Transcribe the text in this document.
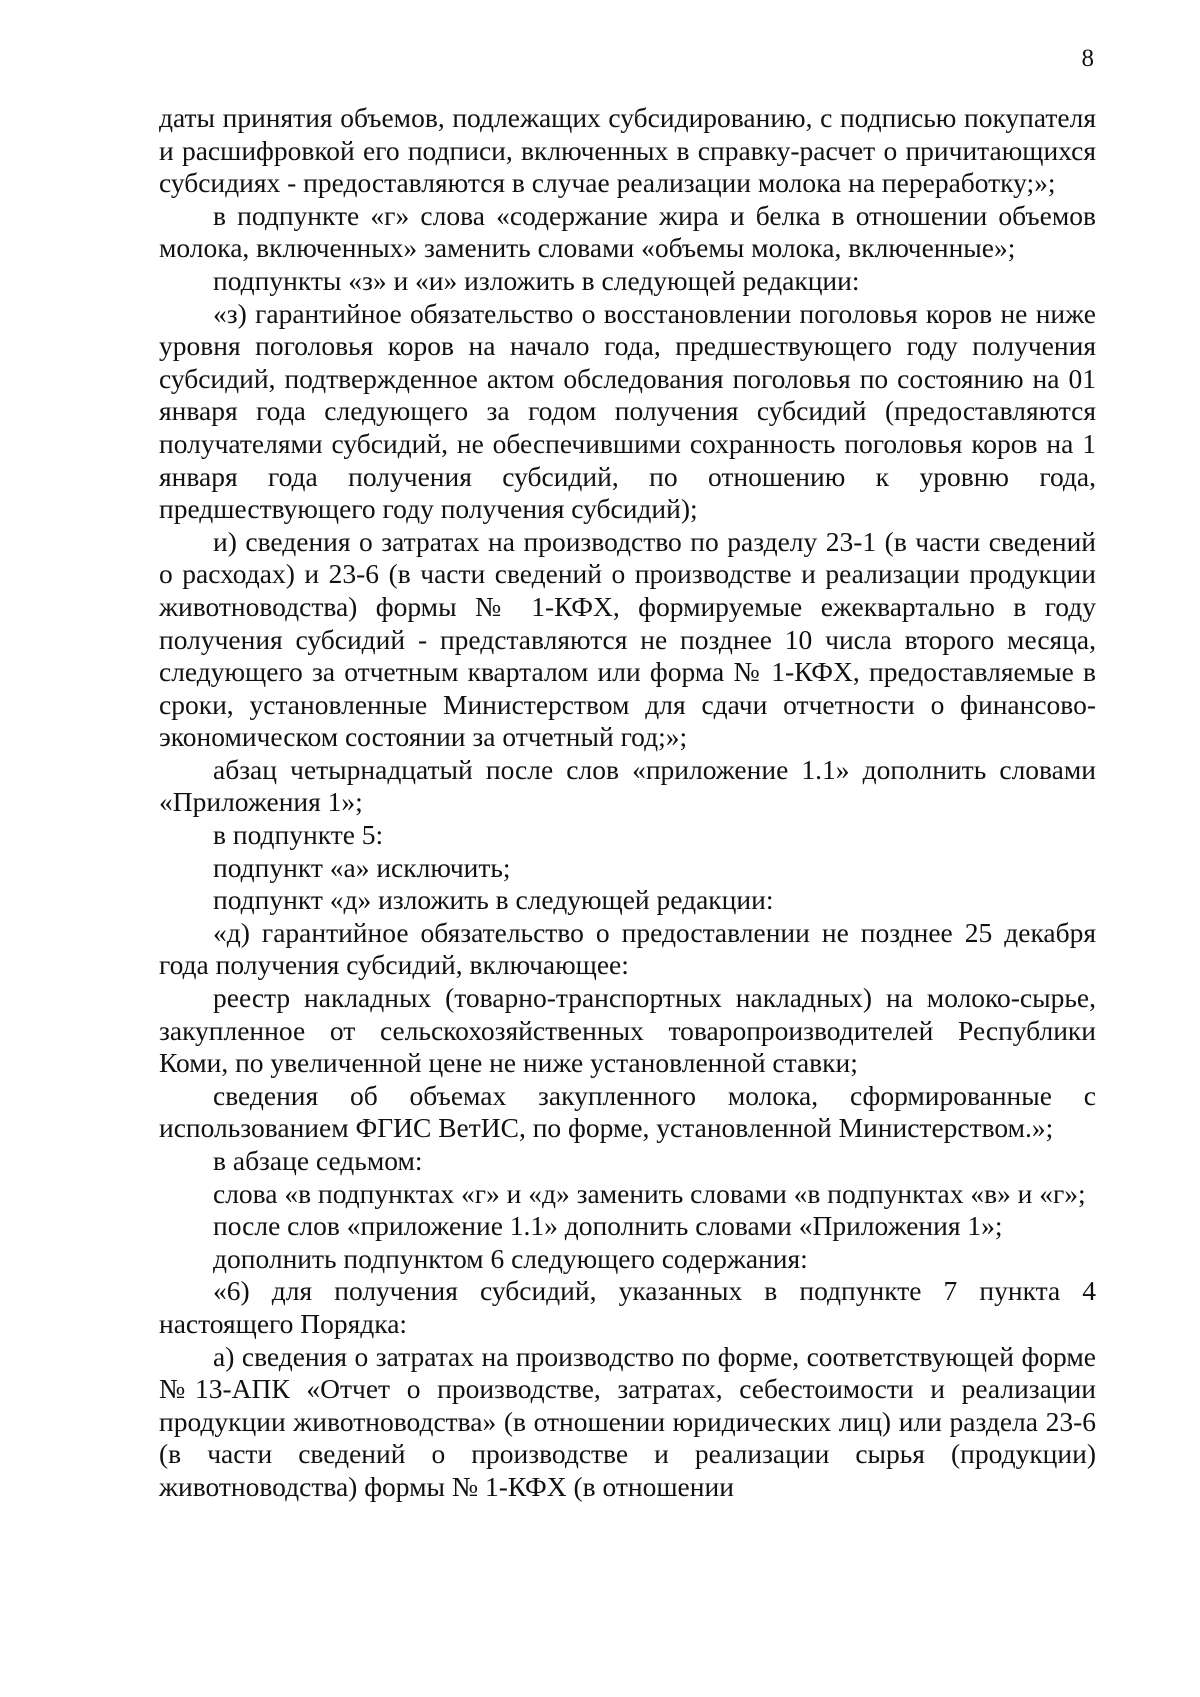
8

даты принятия объемов, подлежащих субсидированию, с подписью покупателя и расшифровкой его подписи, включенных в справку-расчет о причитающихся субсидиях - предоставляются в случае реализации молока на переработку;»;

в подпункте «г» слова «содержание жира и белка в отношении объемов молока, включенных» заменить словами «объемы молока, включенные»;

подпункты «з» и «и» изложить в следующей редакции:

«з) гарантийное обязательство о восстановлении поголовья коров не ниже уровня поголовья коров на начало года, предшествующего году получения субсидий, подтвержденное актом обследования поголовья по состоянию на 01 января года следующего за годом получения субсидий (предоставляются получателями субсидий, не обеспечившими сохранность поголовья коров на 1 января года получения субсидий, по отношению к уровню года, предшествующего году получения субсидий);

и) сведения о затратах на производство по разделу 23-1 (в части сведений о расходах) и 23-6 (в части сведений о производстве и реализации продукции животноводства) формы № 1-КФХ, формируемые ежеквартально в году получения субсидий - представляются не позднее 10 числа второго месяца, следующего за отчетным кварталом или форма № 1-КФХ, предоставляемые в сроки, установленные Министерством для сдачи отчетности о финансово-экономическом состоянии за отчетный год;»;

абзац четырнадцатый после слов «приложение 1.1» дополнить словами «Приложения 1»;

в подпункте 5:

подпункт «а» исключить;

подпункт «д» изложить в следующей редакции:

«д) гарантийное обязательство о предоставлении не позднее 25 декабря года получения субсидий, включающее:

реестр накладных (товарно-транспортных накладных) на молоко-сырье, закупленное от сельскохозяйственных товаропроизводителей Республики Коми, по увеличенной цене не ниже установленной ставки;

сведения об объемах закупленного молока, сформированные с использованием ФГИС ВетИС, по форме, установленной Министерством.»;

в абзаце седьмом:

слова «в подпунктах «г» и «д» заменить словами «в подпунктах «в» и «г»;

после слов «приложение 1.1» дополнить словами «Приложения 1»;

дополнить подпунктом 6 следующего содержания:

«6) для получения субсидий, указанных в подпункте 7 пункта 4 настоящего Порядка:

а) сведения о затратах на производство по форме, соответствующей форме №13-АПК «Отчет о производстве, затратах, себестоимости и реализации продукции животноводства» (в отношении юридических лиц) или раздела 23-6 (в части сведений о производстве и реализации сырья (продукции) животноводства) формы № 1-КФХ (в отношении
